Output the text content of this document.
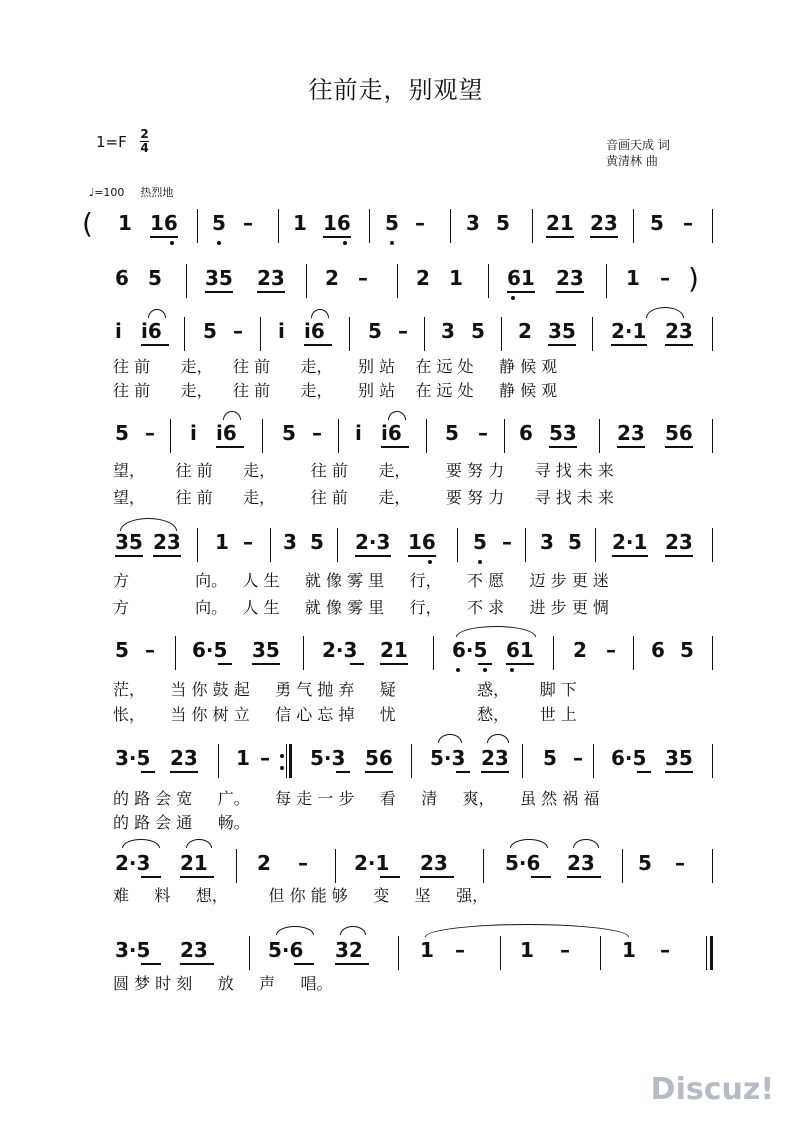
往前走，别观望
1=F 2
4	音画天成 词
黄清林 曲
♩=100 热烈地
( 1 16 5 – 1 16 5 – 3 5 21 23 5 –
6 5 35 23 2 – 2 1 61 23 1 – )
i i6 5 – i i6 5 – 3 5 2 35 2·1 23
往 前      走，    往 前      走，     别 站    在 远 处     静 候 观
往 前      走，    往 前      走，     别 站    在 远 处     静 候 观
5 – i i6 5 – i i6 5 – 6 53 23 56
望，      往 前      走，       往 前      走，       要 努 力      寻 找 未 来
望，      往 前      走，       往 前      走，       要 努 力      寻 找 未 来
35 23 1 – 3 5 2·3 16 5 – 3 5 2·1 23
方             向。   人 生     就 像 雾 里     行，     不 愿     迈 步 更 迷
方             向。   人 生     就 像 雾 里     行，     不 求     进 步 更 惆
5 – 6·5 35 2·3 21 6·5 61 2 – 6 5
茫，     当 你 鼓 起     勇 气 抛 弃     疑                惑，      脚 下
怅，     当 你 树 立     信 心 忘 掉     忧                愁，      世 上
3·5 23 1 – 5·3 56 5·3 23 5 – 6·5 35
的 路 会 宽     广。     每 走 一 步     看     清     爽，     虽 然 祸 福
的 路 会 通     畅。
2·3 21 2 – 2·1 23	5·6 23 5 –
难     料     想，        但 你 能 够     变     坚     强，
3·5 23	5·6 32	1 –	1 –	1 –
圆 梦 时 刻     放     声     唱。
Discuz!
